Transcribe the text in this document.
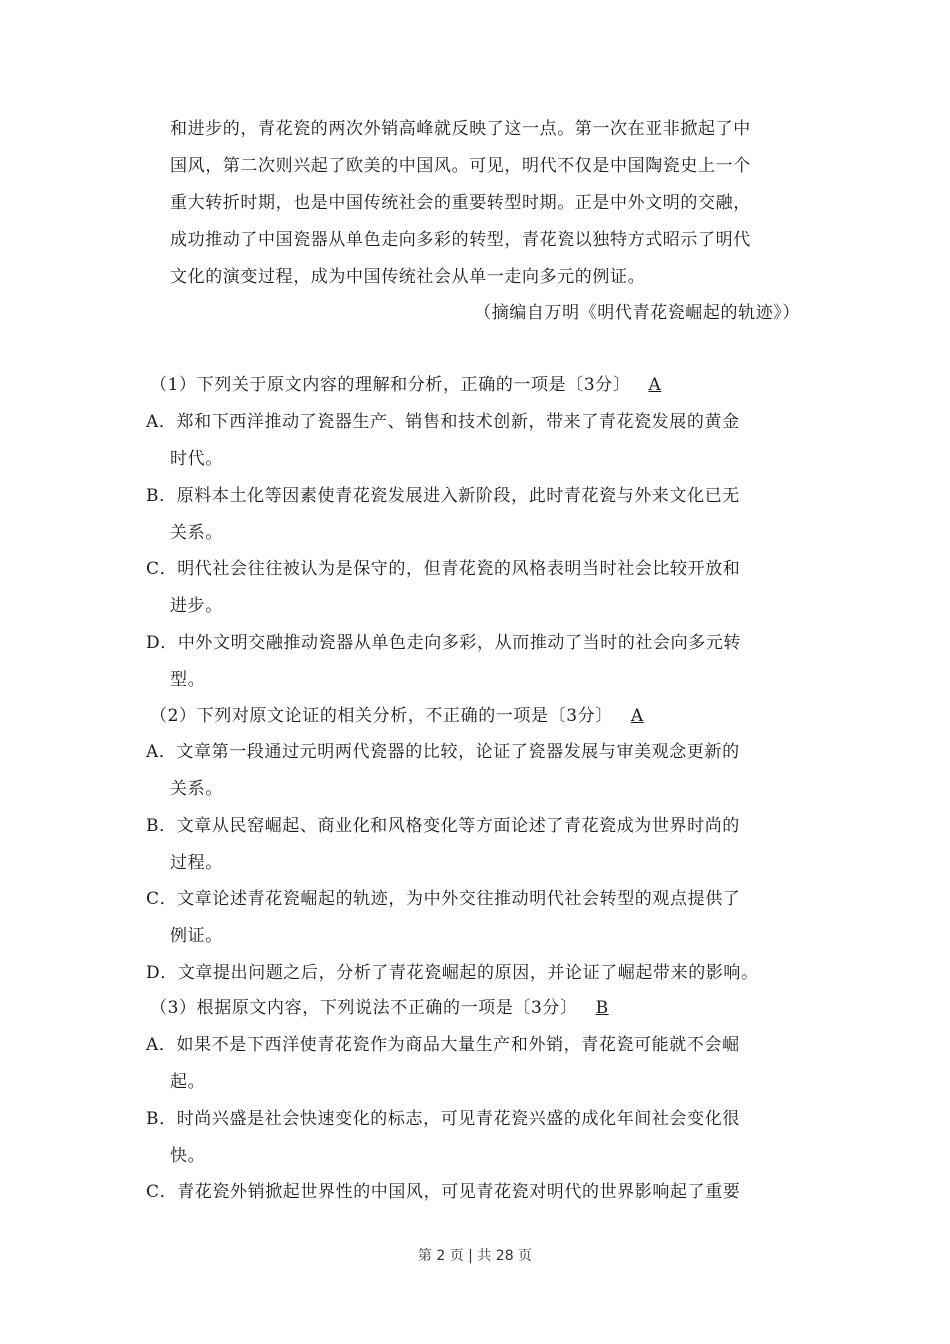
和进步的，青花瓷的两次外销高峰就反映了这一点。第一次在亚非掀起了中
国风，第二次则兴起了欧美的中国风。可见，明代不仅是中国陶瓷史上一个
重大转折时期，也是中国传统社会的重要转型时期。正是中外文明的交融，
成功推动了中国瓷器从单色走向多彩的转型，青花瓷以独特方式昭示了明代
文化的演变过程，成为中国传统社会从单一走向多元的例证。
（摘编自万明《明代青花瓷崛起的轨迹》）
（1）下列关于原文内容的理解和分析，正确的一项是〔3分〕 A
A．郑和下西洋推动了瓷器生产、销售和技术创新，带来了青花瓷发展的黄金
时代。
B．原料本土化等因素使青花瓷发展进入新阶段，此时青花瓷与外来文化已无
关系。
C．明代社会往往被认为是保守的，但青花瓷的风格表明当时社会比较开放和
进步。
D．中外文明交融推动瓷器从单色走向多彩，从而推动了当时的社会向多元转
型。
（2）下列对原文论证的相关分析，不正确的一项是〔3分〕 A
A．文章第一段通过元明两代瓷器的比较，论证了瓷器发展与审美观念更新的
关系。
B．文章从民窑崛起、商业化和风格变化等方面论述了青花瓷成为世界时尚的
过程。
C．文章论述青花瓷崛起的轨迹，为中外交往推动明代社会转型的观点提供了
例证。
D．文章提出问题之后，分析了青花瓷崛起的原因，并论证了崛起带来的影响。
（3）根据原文内容，下列说法不正确的一项是〔3分〕 B
A．如果不是下西洋使青花瓷作为商品大量生产和外销，青花瓷可能就不会崛
起。
B．时尚兴盛是社会快速变化的标志，可见青花瓷兴盛的成化年间社会变化很
快。
C．青花瓷外销掀起世界性的中国风，可见青花瓷对明代的世界影响起了重要
第 2 页 | 共 28 页
